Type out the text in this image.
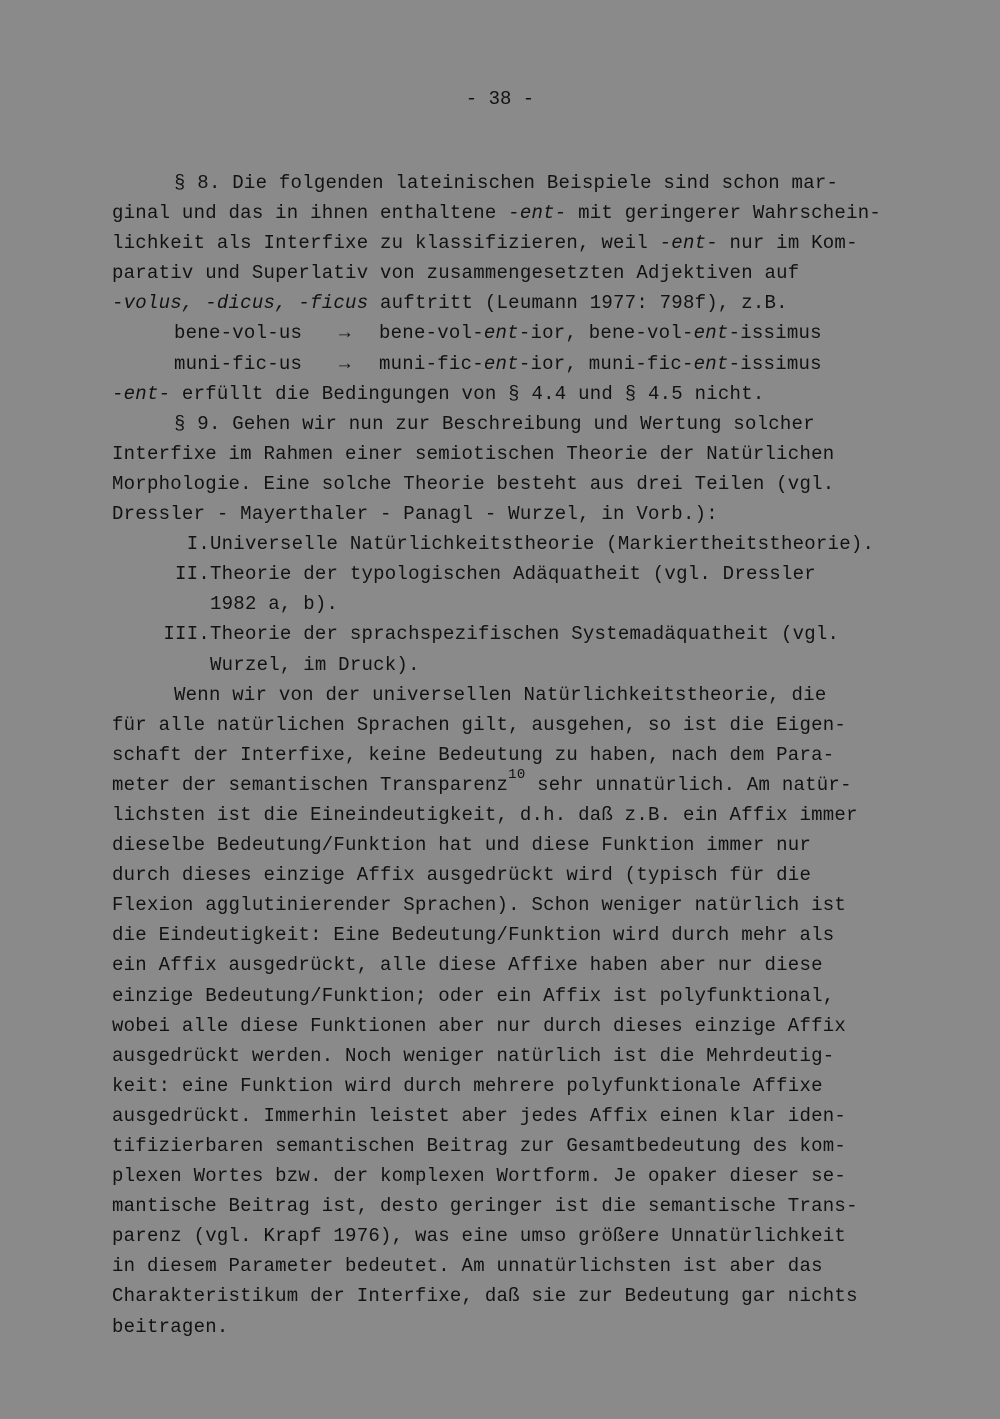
- 38 -
§ 8. Die folgenden lateinischen Beispiele sind schon mar-
ginal und das in ihnen enthaltene -ent- mit geringerer Wahrschein-
lichkeit als Interfixe zu klassifizieren, weil -ent- nur im Kom-
parativ und Superlativ von zusammengesetzten Adjektiven auf
-volus, -dicus, -ficus auftritt (Leumann 1977: 798f), z.B.
bene-vol-us → bene-vol-ent-ior, bene-vol-ent-issimus
muni-fic-us → muni-fic-ent-ior, muni-fic-ent-issimus
-ent- erfüllt die Bedingungen von § 4.4 und § 4.5 nicht.
§ 9. Gehen wir nun zur Beschreibung und Wertung solcher
Interfixe im Rahmen einer semiotischen Theorie der Natürlichen
Morphologie. Eine solche Theorie besteht aus drei Teilen (vgl.
Dressler - Mayerthaler - Panagl - Wurzel, in Vorb.):
I. Universelle Natürlichkeitstheorie (Markiertheitstheorie).
II. Theorie der typologischen Adäquatheit (vgl. Dressler
1982 a, b).
III. Theorie der sprachspezifischen Systemadäquatheit (vgl.
Wurzel, im Druck).
Wenn wir von der universellen Natürlichkeitstheorie, die
für alle natürlichen Sprachen gilt, ausgehen, so ist die Eigen-
schaft der Interfixe, keine Bedeutung zu haben, nach dem Para-
meter der semantischen Transparenz$^{10}$ sehr unnatürlich. Am natür-
lichsten ist die Eineindeutigkeit, d.h. daß z.B. ein Affix immer
dieselbe Bedeutung/Funktion hat und diese Funktion immer nur
durch dieses einzige Affix ausgedrückt wird (typisch für die
Flexion agglutinierender Sprachen). Schon weniger natürlich ist
die Eindeutigkeit: Eine Bedeutung/Funktion wird durch mehr als
ein Affix ausgedrückt, alle diese Affixe haben aber nur diese
einzige Bedeutung/Funktion; oder ein Affix ist polyfunktional,
wobei alle diese Funktionen aber nur durch dieses einzige Affix
ausgedrückt werden. Noch weniger natürlich ist die Mehrdeutig-
keit: eine Funktion wird durch mehrere polyfunktionale Affixe
ausgedrückt. Immerhin leistet aber jedes Affix einen klar iden-
tifizierbaren semantischen Beitrag zur Gesamtbedeutung des kom-
plexen Wortes bzw. der komplexen Wortform. Je opaker dieser se-
mantische Beitrag ist, desto geringer ist die semantische Trans-
parenz (vgl. Krapf 1976), was eine umso größere Unnatürlichkeit
in diesem Parameter bedeutet. Am unnatürlichsten ist aber das
Charakteristikum der Interfixe, daß sie zur Bedeutung gar nichts
beitragen.
